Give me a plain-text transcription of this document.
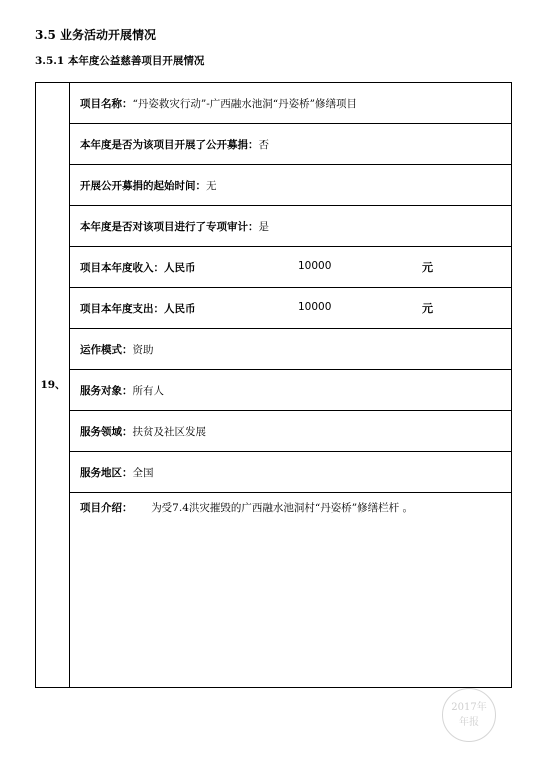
3.5 业务活动开展情况
3.5.1 本年度公益慈善项目开展情况
19、
项目名称： “丹姿救灾行动”-广西融水池洞“丹姿桥”修缮项目
本年度是否为该项目开展了公开募捐： 否
开展公开募捐的起始时间： 无
本年度是否对该项目进行了专项审计： 是
项目本年度收入：人民币	10000	元
项目本年度支出：人民币	10000	元
运作模式： 资助
服务对象： 所有人
服务领域： 扶贫及社区发展
服务地区： 全国
项目介绍： 为受7.4洪灾摧毁的广西融水池洞村“丹姿桥”修缮栏杆 。
2017年
年报
